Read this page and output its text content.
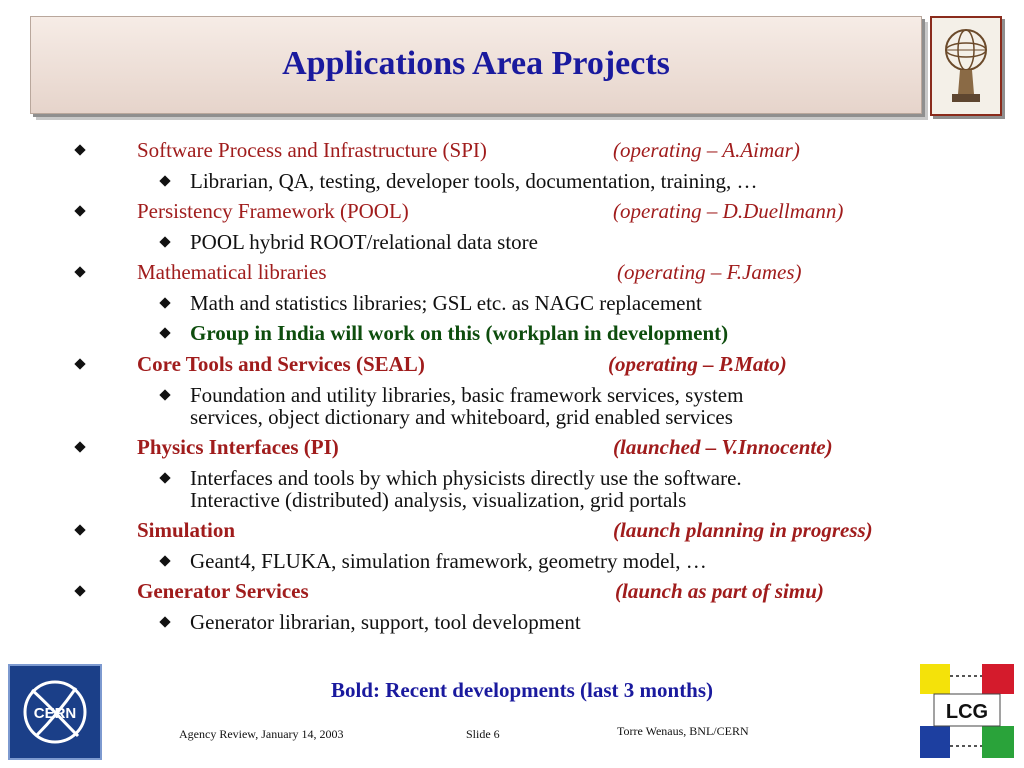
Applications Area Projects
Software Process and Infrastructure (SPI)	(operating – A.Aimar)
Librarian, QA, testing, developer tools, documentation, training, …
Persistency Framework (POOL)	(operating – D.Duellmann)
POOL hybrid ROOT/relational data store
Mathematical libraries	(operating – F.James)
Math and statistics libraries; GSL etc. as NAGC replacement
Group in India will work on this (workplan in development)
Core Tools and Services (SEAL)	(operating – P.Mato)
Foundation and utility libraries, basic framework services, system
services, object dictionary and whiteboard, grid enabled services
Physics Interfaces (PI)	(launched – V.Innocente)
Interfaces and tools by which physicists directly use the software.
Interactive (distributed) analysis, visualization, grid portals
Simulation	(launch planning in progress)
Geant4, FLUKA, simulation framework, geometry model, …
Generator Services	(launch as part of simu)
Generator librarian, support, tool development
Bold: Recent developments (last 3 months)
CERN	LCG
Agency Review, January 14, 2003	Slide 6	Torre Wenaus, BNL/CERN
